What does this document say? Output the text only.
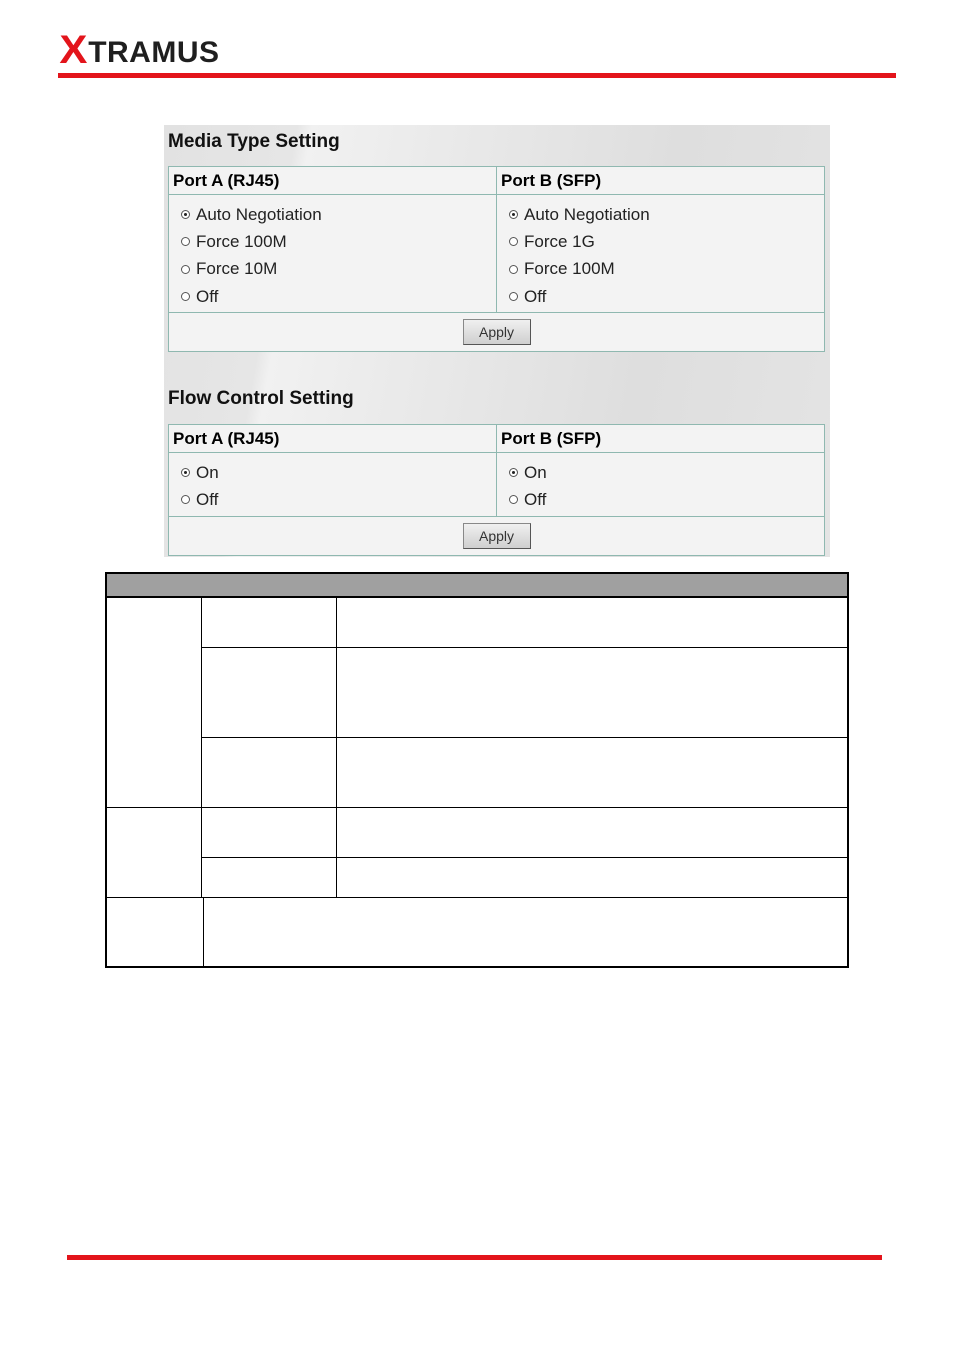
X TRAMUS
Media Type Setting
Port A (RJ45)	Port B (SFP)
Auto Negotiation
Force 100M
Force 10M
Off
Auto Negotiation
Force 1G
Force 100M
Off
Apply
Flow Control Setting
Port A (RJ45)	Port B (SFP)
On
Off
On
Off
Apply
